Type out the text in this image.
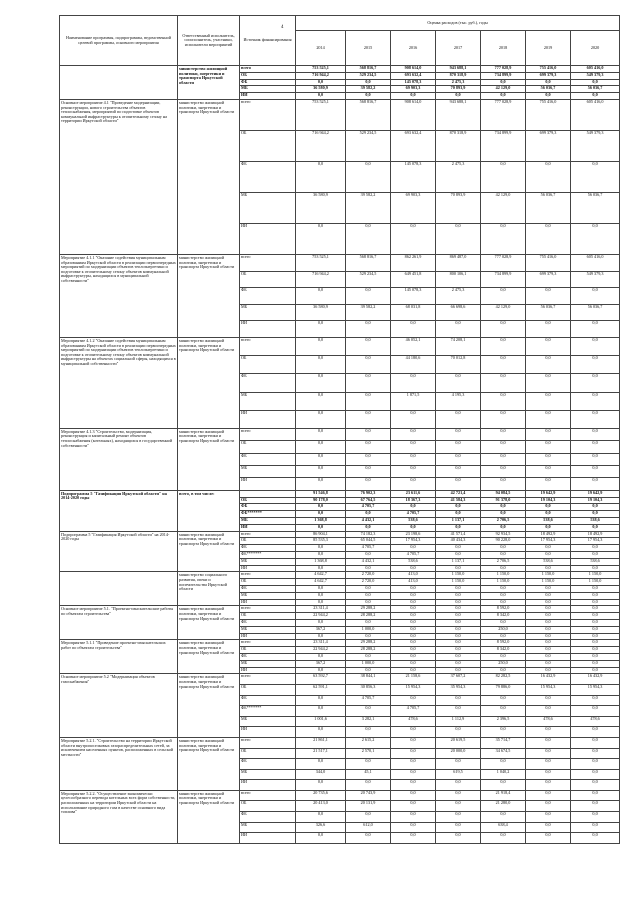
Наименование программы, подпрограммы, ведомственной целевой программы, основного мероприятия	Ответственный исполнитель, соисполнитель, участники, исполнители мероприятий	Источник финансирования	Оценка расходов (тыс. руб.), годы						
			2014	2015	2016	2017	2018	2019	2020
	министерство жилищной политики, энергетики и транспорта Иркутской области	всего	753 525,1	568 816,7	908 614,0	943 688,1	777 028,9	755 416,0	605 416,0
		ОБ	716 944,2	529 234,5	693 632,4	870 318,9	734 899,9	699 379,3	549 379,3
		ФБ	0,0	0,0	145 078,3	2 475,3	0,0	0,0	0,0
		МБ	36 580,9	39 582,2	69 903,3	70 893,9	42 129,0	56 036,7	56 036,7
		ИИ	0,0	0,0	0,0	0,0	0,0	0,0	0,0
Основное мероприятие 4.1 "Проведение модернизации, реконструкции, нового строительства объектов теплоснабжения, мероприятий по подготовке объектов коммунальной инфраструктуры к отопительному сезону на территории Иркутской области"	министерство жилищной политики, энергетики и транспорта Иркутской области	всего	753 525,1	568 816,7	908 614,0	943 688,1	777 028,9	755 416,0	605 416,0
		ОБ	716 944,2	529 234,5	693 632,4	870 318,9	734 899,9	699 379,3	549 379,3
		ФБ	0,0	0,0	145 078,3	2 475,3	0,0	0,0	0,0
		МБ	36 580,9	39 582,2	69 903,3	70 893,9	42 129,0	56 036,7	56 036,7
		ИИ	0,0	0,0	0,0	0,0	0,0	0,0	0,0
Мероприятие 4.1.1 "Оказание содействия муниципальным образованиям Иркутской области в реализации первоочередных мероприятий по модернизации объектов теплоэнергетики и подготовке к отопительному сезону объектов коммунальной инфраструктуры, находящихся в муниципальной собственности"	министерство жилищной политики, энергетики и транспорта Иркутской области	всего	753 525,1	568 816,7	862 261,9	869 487,0	777 028,9	755 416,0	605 416,0
		ОБ	716 944,2	529 234,5	649 451,8	800 106,1	734 899,9	699 379,3	549 379,3
		ФБ	0,0	0,0	145 078,3	2 475,3	0,0	0,0	0,0
		МБ	36 580,9	39 582,2	68 031,8	66 698,6	42 129,0	56 036,7	56 036,7
		ИИ	0,0	0,0	0,0	0,0	0,0	0,0	0,0
Мероприятие 4.1.2 "Оказание содействия муниципальным образованиям Иркутской области в реализации первоочередных мероприятий по модернизации объектов теплоэнергетики и подготовке к отопительному сезону объектов коммунальной инфраструктуры на объектах социальной сферы, находящихся в муниципальной собственности"	министерство жилищной политики, энергетики и транспорта Иркутской области	всего	0,0	0,0	46 052,1	74 208,1	0,0	0,0	0,0
		ОБ	0,0	0,0	44 180,6	70 012,8	0,0	0,0	0,0
		ФБ	0,0	0,0	0,0	0,0	0,0	0,0	0,0
		МБ	0,0	0,0	1 871,5	4 195,3	0,0	0,0	0,0
		ИИ	0,0	0,0	0,0	0,0	0,0	0,0	0,0
Мероприятие 4.1.3 "Строительство, модернизация, реконструкция и капитальный ремонт объектов теплоснабжения (котельных), находящихся в государственной собственности"	министерство жилищной политики, энергетики и транспорта Иркутской области	всего	0,0	0,0	0,0	0,0	0,0	0,0	0,0
		ОБ	0,0	0,0	0,0	0,0	0,0	0,0	0,0
		ФБ	0,0	0,0	0,0	0,0	0,0	0,0	0,0
		МБ	0,0	0,0	0,0	0,0	0,0	0,0	0,0
		ИИ	0,0	0,0	0,0	0,0	0,0	0,0	0,0
Подпрограмма 5 "Газификация Иркутской области" на 2014-2020 годы	всего, в том числе:		91 546,8	76 902,3	23 611,6	42 721,4	94 084,5	19 642,9	19 642,9
		ОБ	90 178,0	67 764,5	18 367,3	41 584,3	91 378,0	19 104,3	19 104,3
		ФБ	0,0	4 705,7	0,0	0,0	0,0	0,0	0,0
		ФБ*******	0,0	0,0	4 705,7	0,0	0,0	0,0	0,0
		МБ	1 368,8	4 432,1	538,6	1 137,1	2 706,5	538,6	538,6
		ИИ	0,0	0,0	0,0	0,0	0,0	0,0	0,0
Подпрограмма 5 "Газификация Иркутской области" на 2014-2020 годы	министерство жилищной политики, энергетики и транспорта Иркутской области	всего	86 904,1	74 182,3	23 198,6	41 571,4	92 934,5	18 492,9	18 492,9
		ОБ	85 535,3	65 044,5	17 954,3	40 434,3	90 228,0	17 954,3	17 954,3
		ФБ	0,0	4 705,7	0,0	0,0	0,0	0,0	0,0
		ФБ*******	0,0	0,0	4 705,7	0,0	0,0	0,0	0,0
		МБ	1 368,8	4 432,1	538,6	1 137,1	2 706,5	538,6	538,6
		ИИ	0,0	0,0	0,0	0,0	0,0	0,0	0,0
	министерство социального развития, опеки и попечительства Иркутской области	всего	4 642,7	2 720,0	413,0	1 150,0	1 150,0	1 150,0	1 150,0
		ОБ	4 642,7	2 720,0	413,0	1 150,0	1 150,0	1 150,0	1 150,0
		ФБ	0,0	0,0	0,0	0,0	0,0	0,0	0,0
		МБ	0,0	0,0	0,0	0,0	0,0	0,0	0,0
		ИИ	0,0	0,0	0,0	0,0	0,0	0,0	0,0
Основное мероприятие 5.1. "Проектно-изыскательские работы по объектам строительства"	министерство жилищной политики, энергетики и транспорта Иркутской области	всего	23 311,4	29 288,2	0,0	0,0	8 592,0	0,0	0,0
		ОБ	22 944,2	28 288,2	0,0	0,0	8 342,0	0,0	0,0
		ФБ	0,0	0,0	0,0	0,0	0,0	0,0	0,0
		МБ	367,2	1 000,0	0,0	0,0	250,0	0,0	0,0
		ИИ	0,0	0,0	0,0	0,0	0,0	0,0	0,0
Мероприятие 5.1.1 "Проведение проектно-изыскательских работ по объектам строительства"	министерство жилищной политики, энергетики и транспорта Иркутской области	всего	23 311,4	29 288,2	0,0	0,0	8 592,0	0,0	0,0
		ОБ	22 944,2	28 288,2	0,0	0,0	8 342,0	0,0	0,0
		ФБ	0,0	0,0	0,0	0,0	0,0	0,0	0,0
		МБ	367,2	1 000,0	0,0	0,0	250,0	0,0	0,0
		ИИ	0,0	0,0	0,0	0,0	0,0	0,0	0,0
Основное мероприятие 5.2 "Модернизация объектов газоснабжения"	министерство жилищной политики, энергетики и транспорта Иркутской области	всего	63 592,7	38 844,1	21 158,6	37 607,2	82 282,5	16 432,9	16 432,9
		ОБ	62 591,1	30 856,3	15 954,3	35 954,3	79 886,0	15 954,3	15 954,3
		ФБ	0,0	4 705,7	0,0	0,0	0,0	0,0	0,0
		ФБ*******	0,0	0,0	4 705,7	0,0	0,0	0,0	0,0
		МБ	1 001,6	3 282,1	478,6	1 112,9	2 396,5	478,6	478,6
		ИИ	0,0	0,0	0,0	0,0	0,0	0,0	0,0
Мероприятие 5.2.1. "Строительство на территории Иркутской области внутрипоселковых газораспределительных сетей, за исключением населенных пунктов, расположенных в сельской местности"	министерство жилищной политики, энергетики и транспорта Иркутской области	всего	21 861,1	2 615,2	0,0	20 619,5	35 714,7	0,0	0,0
		ОБ	21 517,1	2 570,1	0,0	20 000,0	34 674,5	0,0	0,0
		ФБ	0,0	0,0	0,0	0,0	0,0	0,0	0,0
		МБ	344,0	45,1	0,0	619,5	1 040,2	0,0	0,0
		ИИ	0,0	0,0	0,0	0,0	0,0	0,0	0,0
Мероприятие 5.2.2. "Осуществление экономически целесообразного перевода котельных всех форм собственности, расположенных на территории Иркутской области на использование природного газа в качестве основного вида топлива"	министерство жилищной политики, энергетики и транспорта Иркутской области	всего	20 735,6	20 743,9	0,0	0,0	21 918,4	0,0	0,0
		ОБ	20 413,0	20 131,9	0,0	0,0	21 280,0	0,0	0,0
		ФБ	0,0	0,0	0,0	0,0	0,0	0,0	0,0
		МБ	326,6	612,0	0,0	0,0	638,4	0,0	0,0
		ИИ	0,0	0,0	0,0	0,0	0,0	0,0	0,0
4
